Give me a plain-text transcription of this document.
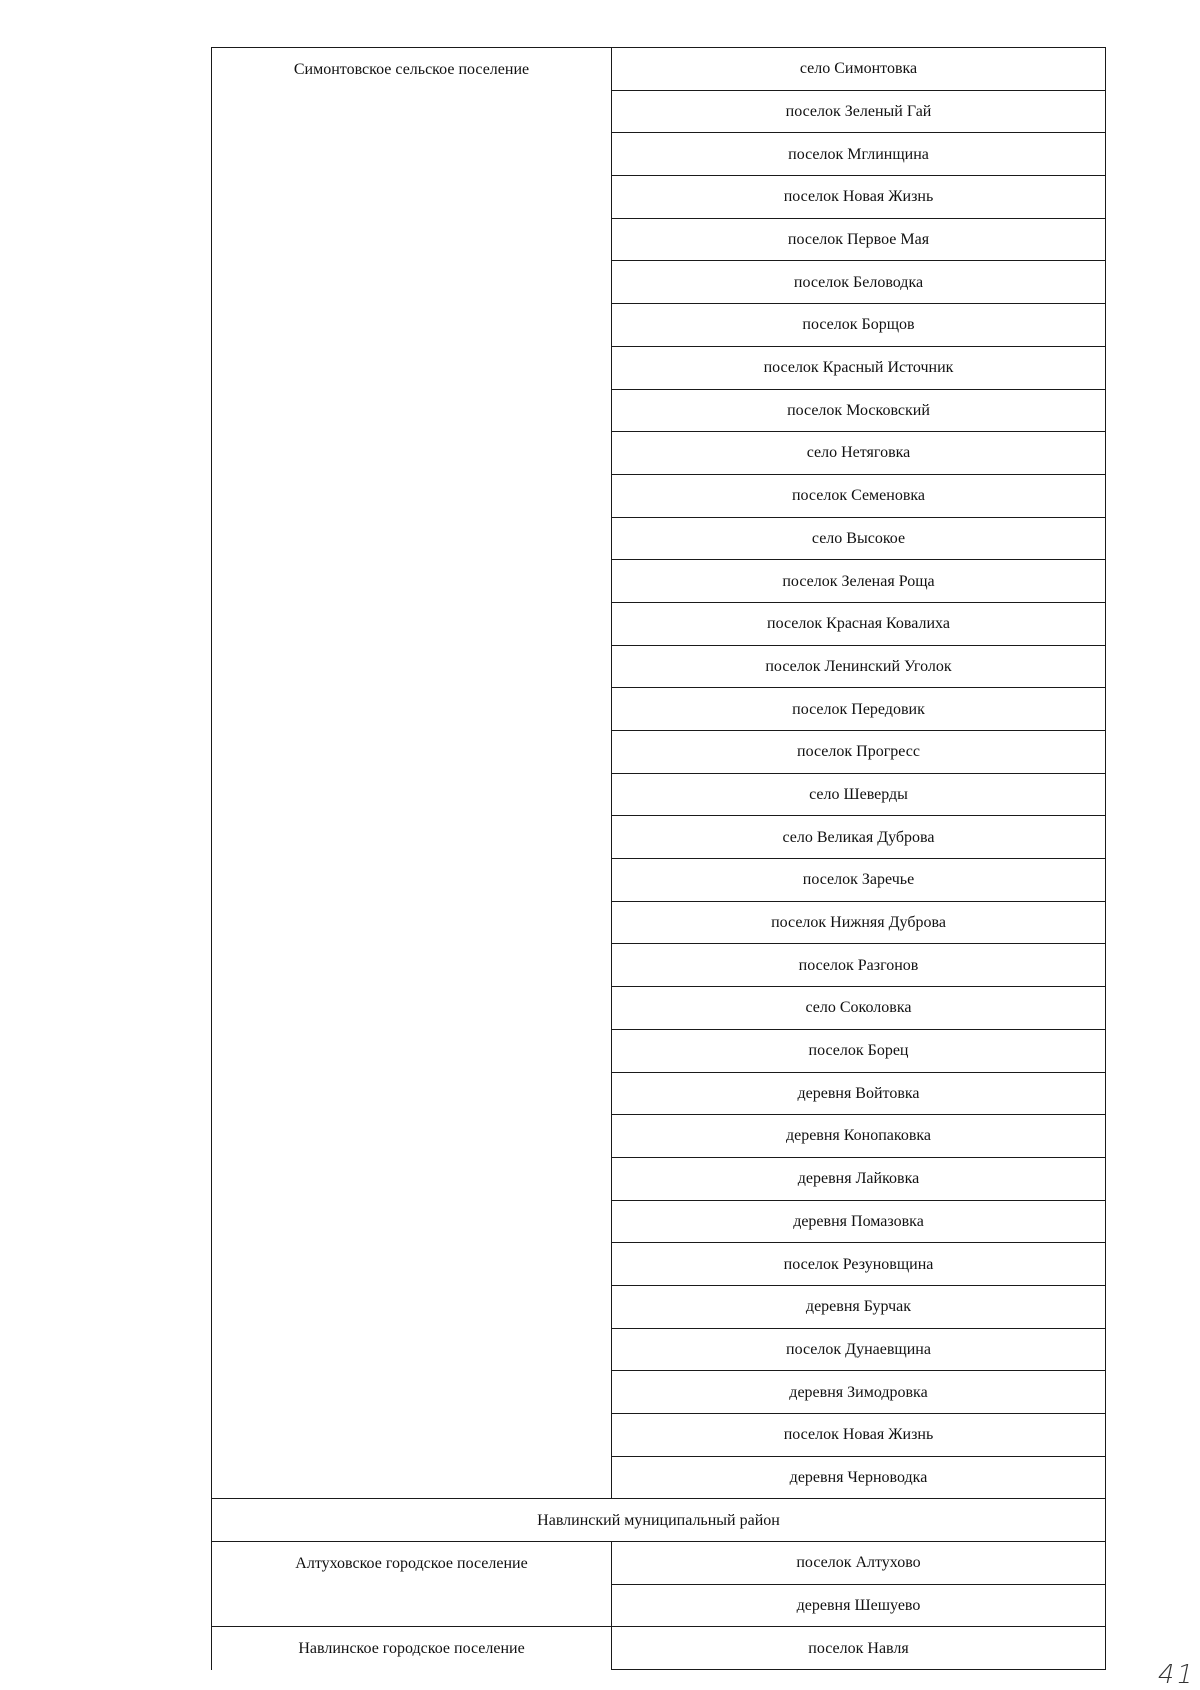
Симонтовское сельское поселение	село Симонтовка
	поселок Зеленый Гай
	поселок Мглинщина
	поселок Новая Жизнь
	поселок Первое Мая
	поселок Беловодка
	поселок Борщов
	поселок Красный Источник
	поселок Московский
	село Нетяговка
	поселок Семеновка
	село Высокое
	поселок Зеленая Роща
	поселок Красная Ковалиха
	поселок Ленинский Уголок
	поселок Передовик
	поселок Прогресс
	село Шеверды
	село Великая Дуброва
	поселок Заречье
	поселок Нижняя Дуброва
	поселок Разгонов
	село Соколовка
	поселок Борец
	деревня Войтовка
	деревня Конопаковка
	деревня Лайковка
	деревня Помазовка
	поселок Резуновщина
	деревня Бурчак
	поселок Дунаевщина
	деревня Зимодровка
	поселок Новая Жизнь
	деревня Черноводка
Навлинский муниципальный район	
Алтуховское городское поселение	поселок Алтухово
	деревня Шешуево
Навлинское городское поселение	поселок Навля
41
